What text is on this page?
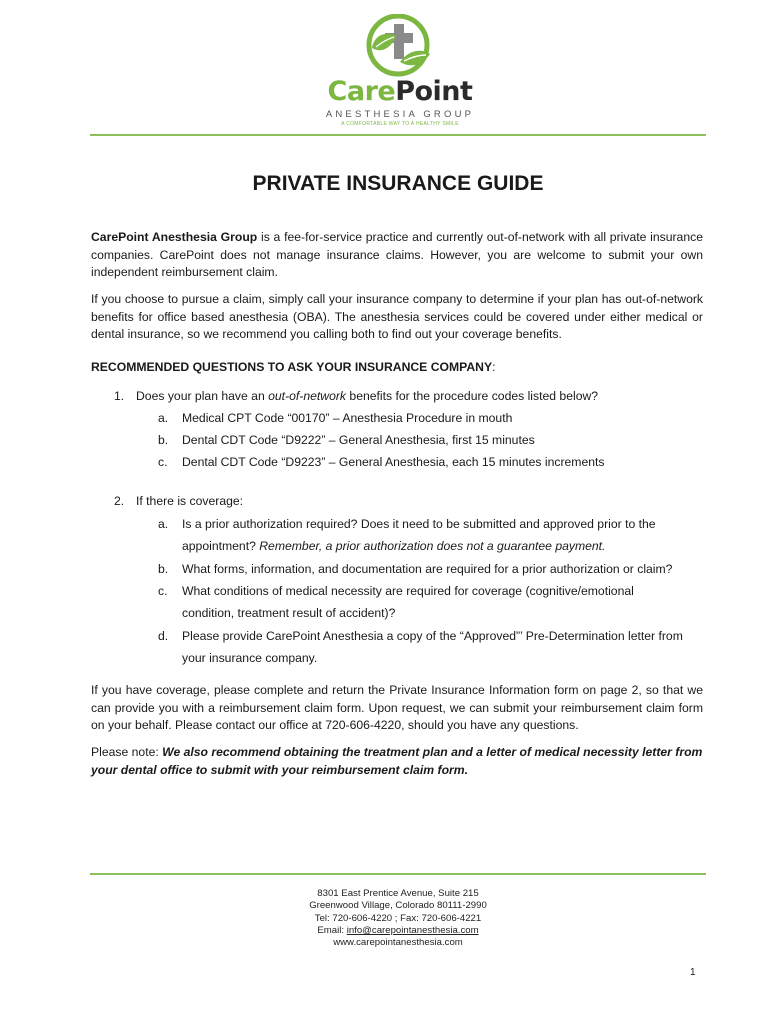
CarePoint
ANESTHESIA GROUP
A COMFORTABLE WAY TO A HEALTHY SMILE
PRIVATE INSURANCE GUIDE

CarePoint Anesthesia Group is a fee-for-service practice and currently out-of-network with all private insurance companies. CarePoint does not manage insurance claims. However, you are welcome to submit your own independent reimbursement claim.

If you choose to pursue a claim, simply call your insurance company to determine if your plan has out-of-network benefits for office based anesthesia (OBA). The anesthesia services could be covered under either medical or dental insurance, so we recommend you calling both to find out your coverage benefits.

RECOMMENDED QUESTIONS TO ASK YOUR INSURANCE COMPANY:
1. Does your plan have an out-of-network benefits for the procedure codes listed below?
a. Medical CPT Code “00170” – Anesthesia Procedure in mouth
b. Dental CDT Code “D9222” – General Anesthesia, first 15 minutes
c. Dental CDT Code “D9223” – General Anesthesia, each 15 minutes increments
2. If there is coverage:
a. Is a prior authorization required? Does it need to be submitted and approved prior to the
appointment? Remember, a prior authorization does not a guarantee payment.
b. What forms, information, and documentation are required for a prior authorization or claim?
c. What conditions of medical necessity are required for coverage (cognitive/emotional
condition, treatment result of accident)?
d. Please provide CarePoint Anesthesia a copy of the “Approved”’ Pre-Determination letter from
your insurance company.

If you have coverage, please complete and return the Private Insurance Information form on page 2, so that we can provide you with a reimbursement claim form. Upon request, we can submit your reimbursement claim form on your behalf. Please contact our office at 720-606-4220, should you have any questions.

Please note: We also recommend obtaining the treatment plan and a letter of medical necessity letter from your dental office to submit with your reimbursement claim form.

8301 East Prentice Avenue, Suite 215
Greenwood Village, Colorado 80111-2990
Tel: 720-606-4220 ; Fax: 720-606-4221
Email: info@carepointanesthesia.com
www.carepointanesthesia.com
1
